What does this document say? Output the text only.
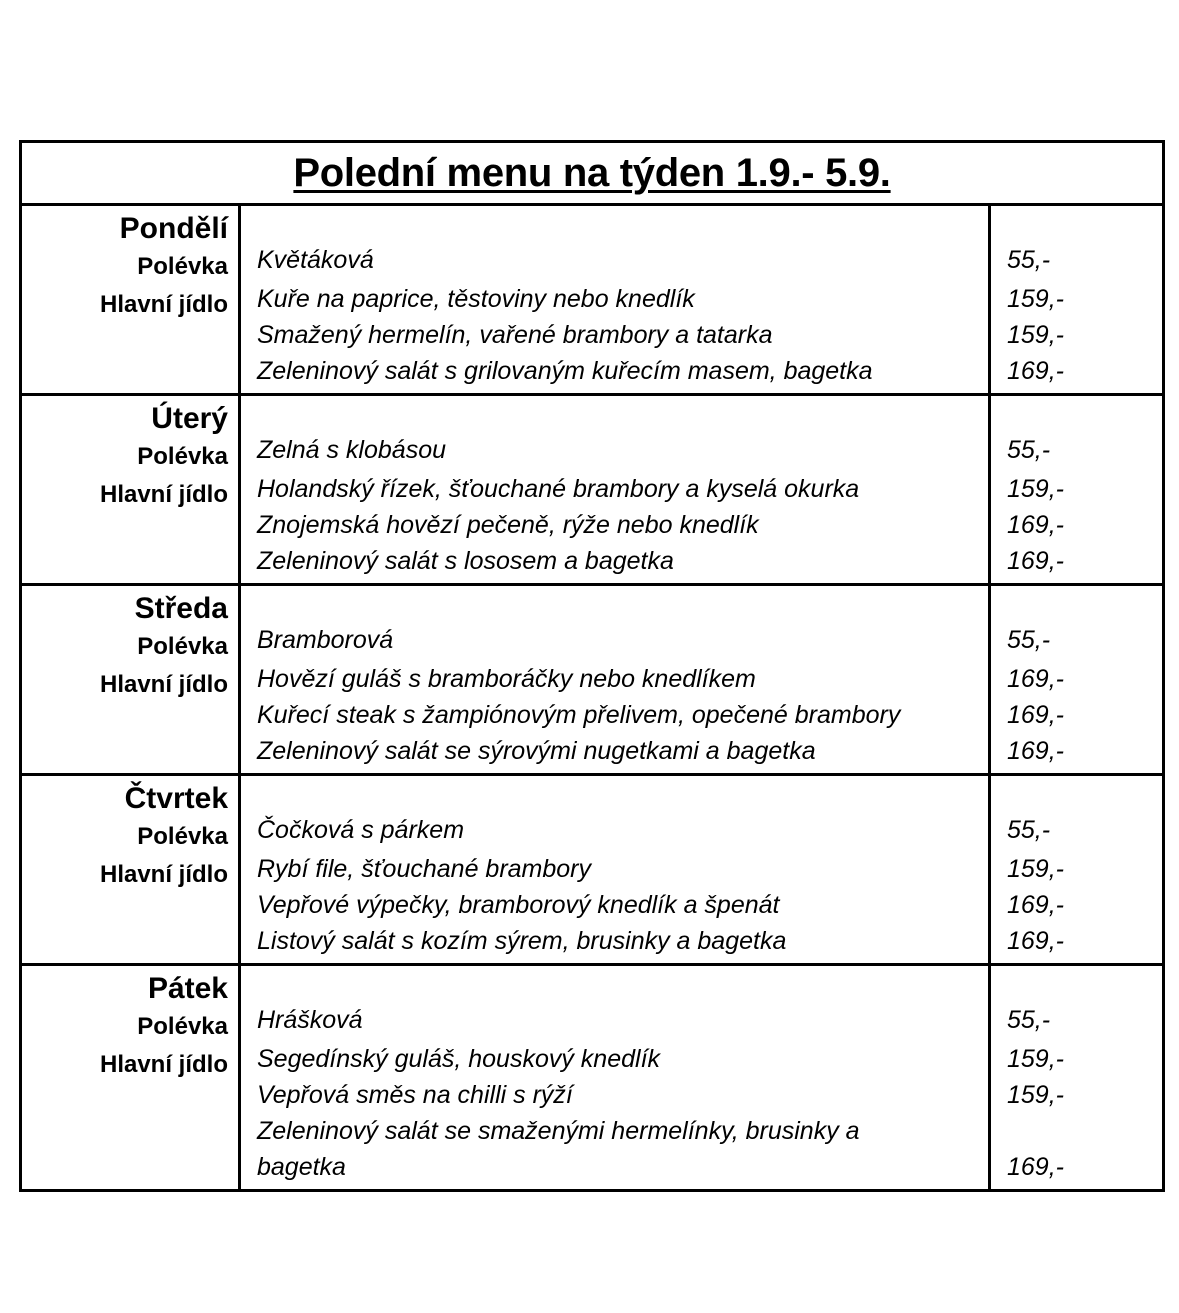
Polední menu na týden 1.9.- 5.9.
Pondělí
Polévka
Hlavní jídlo
Květáková
Kuře na paprice, těstoviny nebo knedlík
Smažený hermelín, vařené brambory a tatarka
Zeleninový salát s grilovaným kuřecím masem, bagetka
55,-
159,-
159,-
169,-
Úterý
Polévka
Hlavní jídlo
Zelná s klobásou
Holandský řízek, šťouchané brambory a kyselá okurka
Znojemská hovězí pečeně, rýže nebo knedlík
Zeleninový salát s lososem a bagetka
55,-
159,-
169,-
169,-
Středa
Polévka
Hlavní jídlo
Bramborová
Hovězí guláš s bramboráčky nebo knedlíkem
Kuřecí steak s žampiónovým přelivem, opečené brambory
Zeleninový salát se sýrovými nugetkami a bagetka
55,-
169,-
169,-
169,-
Čtvrtek
Polévka
Hlavní jídlo
Čočková s párkem
Rybí file, šťouchané brambory
Vepřové výpečky, bramborový knedlík a špenát
Listový salát s kozím sýrem, brusinky a bagetka
55,-
159,-
169,-
169,-
Pátek
Polévka
Hlavní jídlo
Hrášková
Segedínský guláš, houskový knedlík
Vepřová směs na chilli s rýží
Zeleninový salát se smaženými hermelínky, brusinky a
bagetka
55,-
159,-
159,-
169,-
